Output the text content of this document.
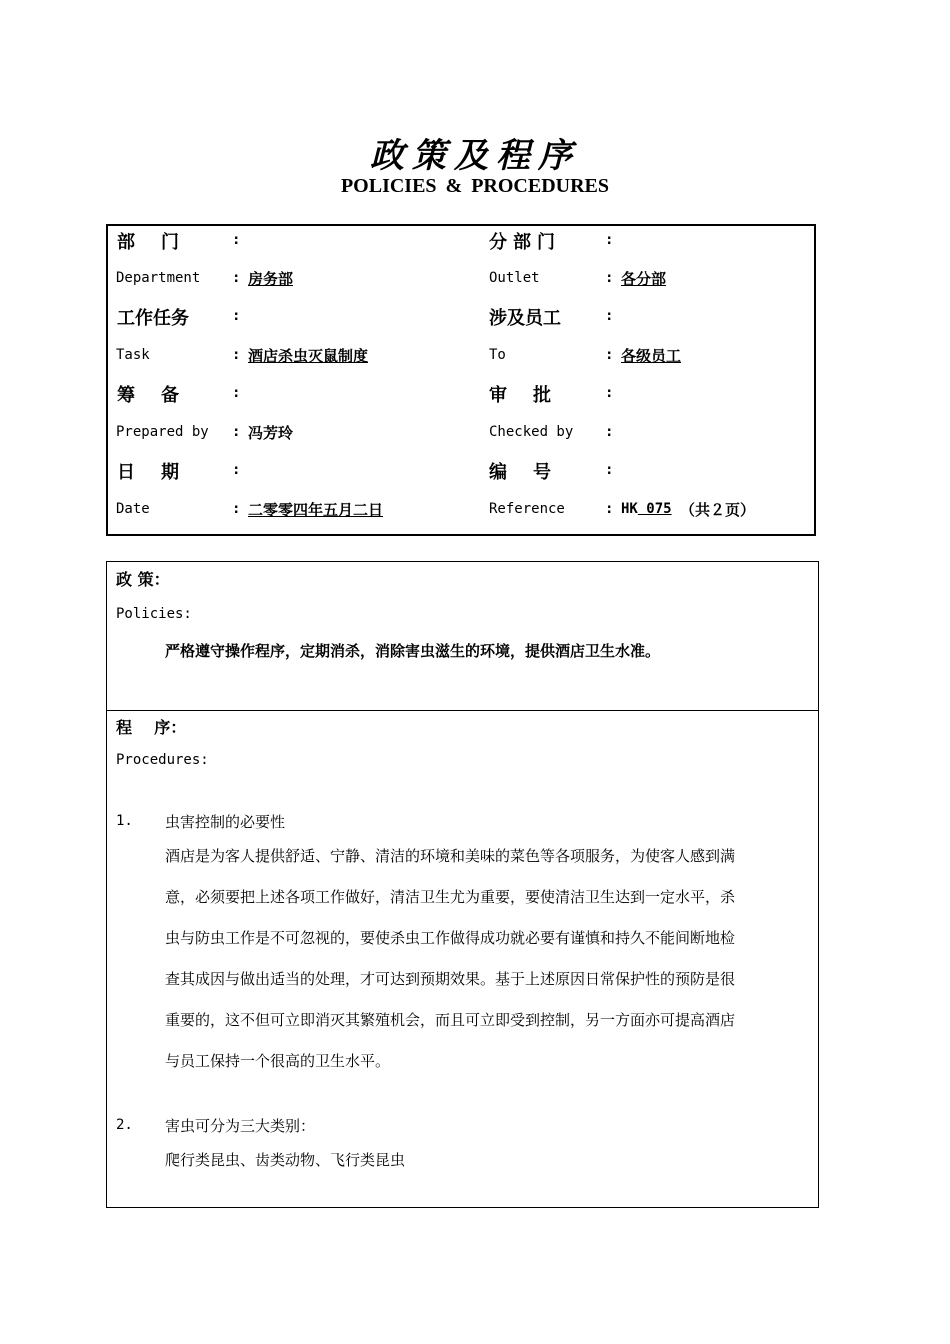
政策及程序
POLICIES & PROCEDURES
部门 :	分部门	:
Department : 房务部	Outlet	: 各分部
工作任务	:	涉及员工	:
Task	: 酒店杀虫灭鼠制度	To	: 各级员工
筹备 :	审批 :
Prepared by : 冯芳玲	Checked by :
日期 :	编号 :
Date	: 二零零四年五月二日	Reference	: HK 075 （共２页）
政 策：
Policies:
严格遵守操作程序，定期消杀，消除害虫滋生的环境，提供酒店卫生水准。
程    序：
Procedures:
1. 虫害控制的必要性
酒店是为客人提供舒适、宁静、清洁的环境和美味的菜色等各项服务，为使客人感到满
意，必须要把上述各项工作做好，清洁卫生尤为重要，要使清洁卫生达到一定水平，杀
虫与防虫工作是不可忽视的，要使杀虫工作做得成功就必要有谨慎和持久不能间断地检
查其成因与做出适当的处理，才可达到预期效果。基于上述原因日常保护性的预防是很
重要的，这不但可立即消灭其繁殖机会，而且可立即受到控制，另一方面亦可提高酒店
与员工保持一个很高的卫生水平。
2. 害虫可分为三大类别：
爬行类昆虫、齿类动物、飞行类昆虫
